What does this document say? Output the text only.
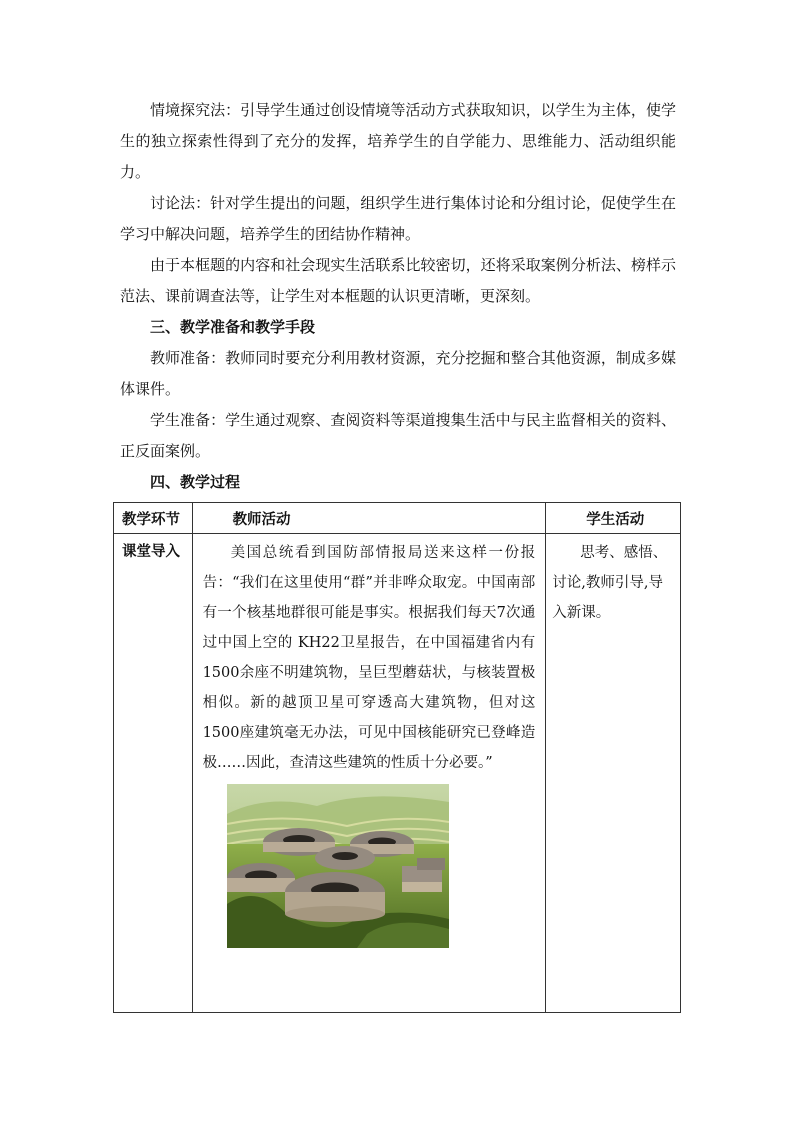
情境探究法：引导学生通过创设情境等活动方式获取知识，以学生为主体，使学生的独立探索性得到了充分的发挥，培养学生的自学能力、思维能力、活动组织能力。

讨论法：针对学生提出的问题，组织学生进行集体讨论和分组讨论，促使学生在学习中解决问题，培养学生的团结协作精神。

由于本框题的内容和社会现实生活联系比较密切，还将采取案例分析法、榜样示范法、课前调查法等，让学生对本框题的认识更清晰，更深刻。

三、教学准备和教学手段

教师准备：教师同时要充分利用教材资源，充分挖掘和整合其他资源，制成多媒体课件。

学生准备：学生通过观察、查阅资料等渠道搜集生活中与民主监督相关的资料、正反面案例。

四、教学过程

教学环节	教师活动	学生活动
课堂导入	美国总统看到国防部情报局送来这样一份报告：“我们在这里使用“群”并非哗众取宠。中国南部有一个核基地群很可能是事实。根据我们每天7次通过中国上空的 KH22卫星报告，在中国福建省内有1500余座不明建筑物，呈巨型蘑菇状，与核装置极相似。新的越顶卫星可穿透高大建筑物，但对这 1500座建筑毫无办法，可见中国核能研究已登峰造极……因此，查清这些建筑的性质十分必要。”	思考、感悟、讨论,教师引导,导入新课。
